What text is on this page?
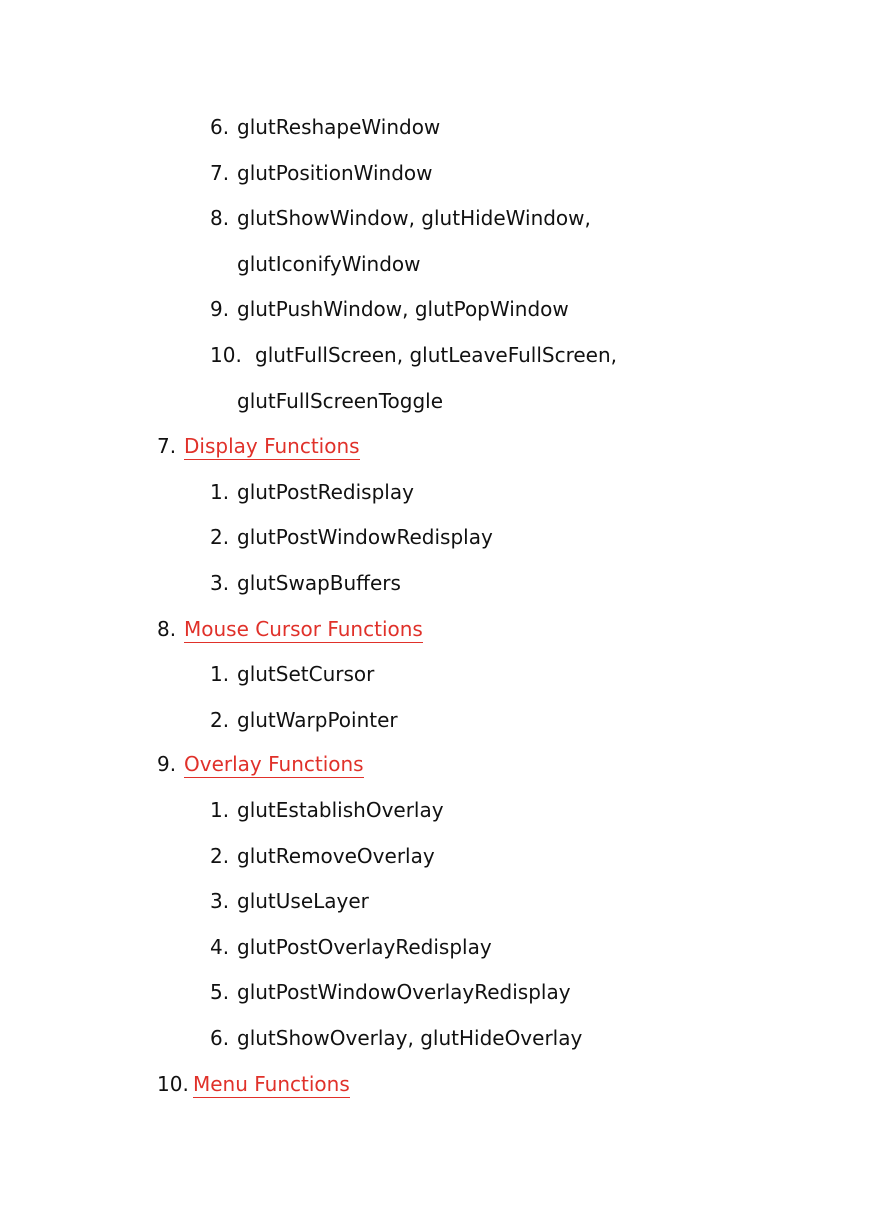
6. glutReshapeWindow
7. glutPositionWindow
8. glutShowWindow, glutHideWindow,
glutIconifyWindow
9. glutPushWindow, glutPopWindow
10. glutFullScreen, glutLeaveFullScreen,
glutFullScreenToggle
7. Display Functions
1. glutPostRedisplay
2. glutPostWindowRedisplay
3. glutSwapBuffers
8. Mouse Cursor Functions
1. glutSetCursor
2. glutWarpPointer
9. Overlay Functions
1. glutEstablishOverlay
2. glutRemoveOverlay
3. glutUseLayer
4. glutPostOverlayRedisplay
5. glutPostWindowOverlayRedisplay
6. glutShowOverlay, glutHideOverlay
10. Menu Functions
